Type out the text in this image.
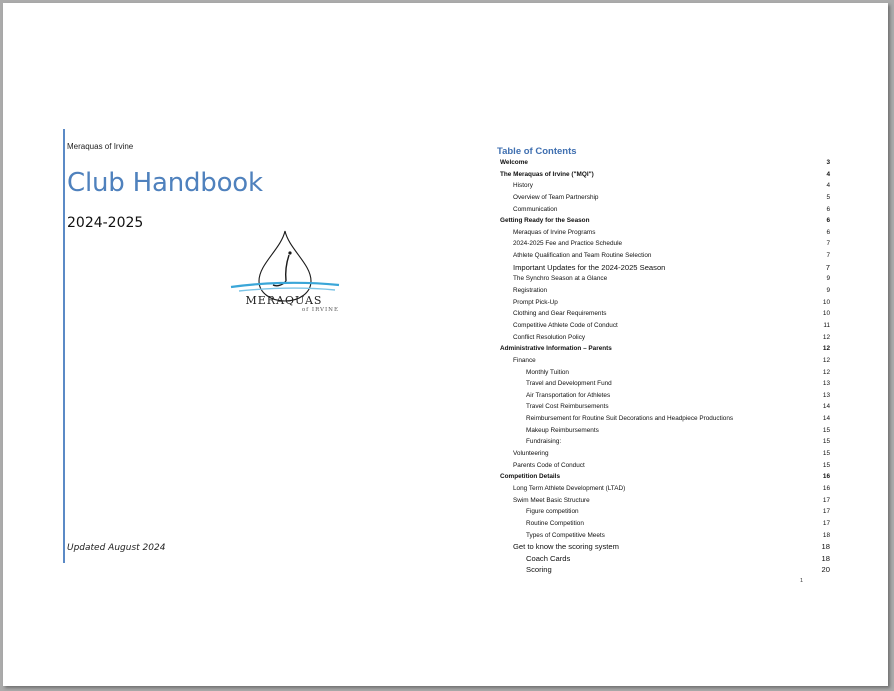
Meraquas of Irvine
Club Handbook
2024-2025
MERAQUAS
of IRVINE
Updated August 2024
Table of Contents
Welcome	3
The Meraquas of Irvine ("MQI")	4
History	4
Overview of Team Partnership	5
Communication	6
Getting Ready for the Season	6
Meraquas of Irvine Programs	6
2024-2025 Fee and Practice Schedule	7
Athlete Qualification and Team Routine Selection	7
Important Updates for the 2024-2025 Season	7
The Synchro Season at a Glance	9
Registration	9
Prompt Pick-Up	10
Clothing and Gear Requirements	10
Competitive Athlete Code of Conduct	11
Conflict Resolution Policy	12
Administrative Information – Parents	12
Finance	12
Monthly Tuition	12
Travel and Development Fund	13
Air Transportation for Athletes	13
Travel Cost Reimbursements	14
Reimbursement for Routine Suit Decorations and Headpiece Productions	14
Makeup Reimbursements	15
Fundraising:	15
Volunteering	15
Parents Code of Conduct	15
Competition Details	16
Long Term Athlete Development (LTAD)	16
Swim Meet Basic Structure	17
Figure competition	17
Routine Competition	17
Types of Competitive Meets	18
Get to know the scoring system	18
Coach Cards	18
Scoring	20
1
